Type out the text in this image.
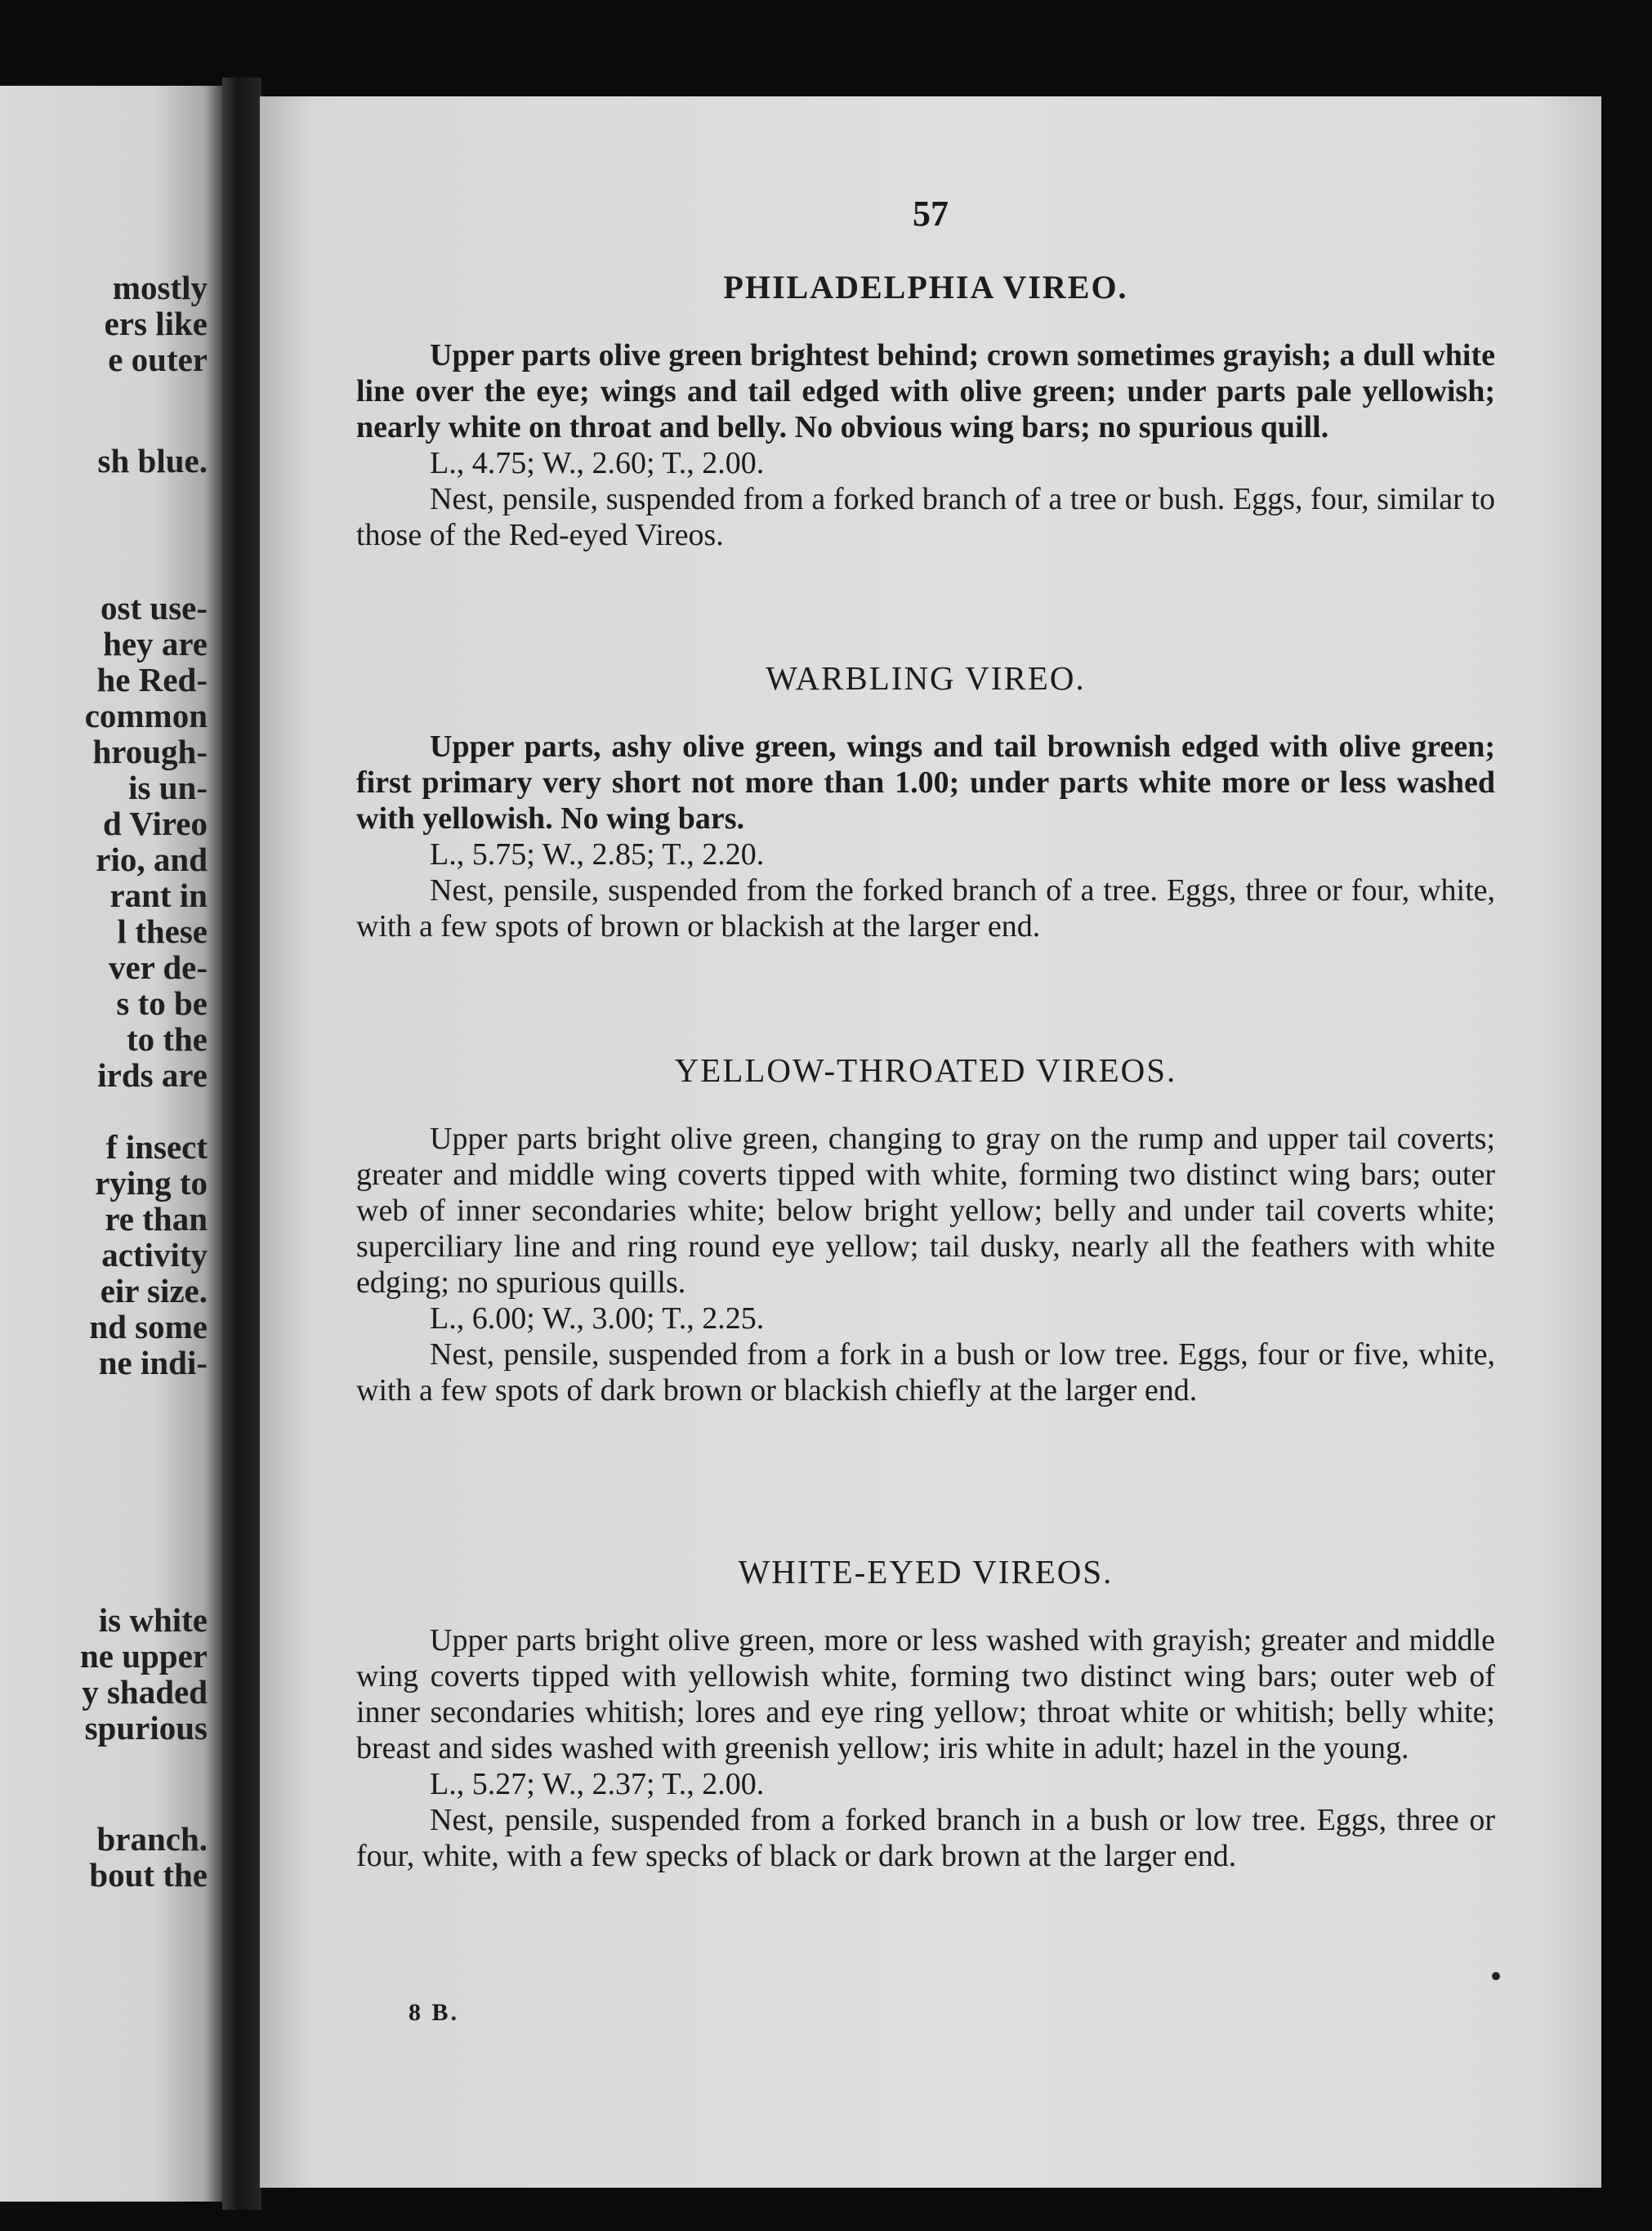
mostly
ers like
e outer
sh blue.
ost use-
hey are
he Red-
common
hrough-
is un-
d Vireo
rio, and
rant in
l these
ver de-
s to be
to the
irds are
f insect
rying to
re than
activity
eir size.
nd some
ne indi-
is white
ne upper
y shaded
spurious
branch.
bout the
57
PHILADELPHIA VIREO.

Upper parts olive green brightest behind; crown sometimes grayish; a dull white line over the eye; wings and tail edged with olive green; under parts pale yellowish; nearly white on throat and belly. No obvious wing bars; no spurious quill.

L., 4.75; W., 2.60; T., 2.00.

Nest, pensile, suspended from a forked branch of a tree or bush. Eggs, four, similar to those of the Red-eyed Vireos.

WARBLING VIREO.

Upper parts, ashy olive green, wings and tail brownish edged with olive green; first primary very short not more than 1.00; under parts white more or less washed with yellowish. No wing bars.

L., 5.75; W., 2.85; T., 2.20.

Nest, pensile, suspended from the forked branch of a tree. Eggs, three or four, white, with a few spots of brown or blackish at the larger end.

YELLOW-THROATED VIREOS.

Upper parts bright olive green, changing to gray on the rump and upper tail coverts; greater and middle wing coverts tipped with white, forming two distinct wing bars; outer web of inner secondaries white; below bright yellow; belly and under tail coverts white; superciliary line and ring round eye yellow; tail dusky, nearly all the feathers with white edging; no spurious quills.

L., 6.00; W., 3.00; T., 2.25.

Nest, pensile, suspended from a fork in a bush or low tree. Eggs, four or five, white, with a few spots of dark brown or blackish chiefly at the larger end.

WHITE-EYED VIREOS.

Upper parts bright olive green, more or less washed with grayish; greater and middle wing coverts tipped with yellowish white, forming two distinct wing bars; outer web of inner secondaries whitish; lores and eye ring yellow; throat white or whitish; belly white; breast and sides washed with greenish yellow; iris white in adult; hazel in the young.

L., 5.27; W., 2.37; T., 2.00.

Nest, pensile, suspended from a forked branch in a bush or low tree. Eggs, three or four, white, with a few specks of black or dark brown at the larger end.

8 B.
